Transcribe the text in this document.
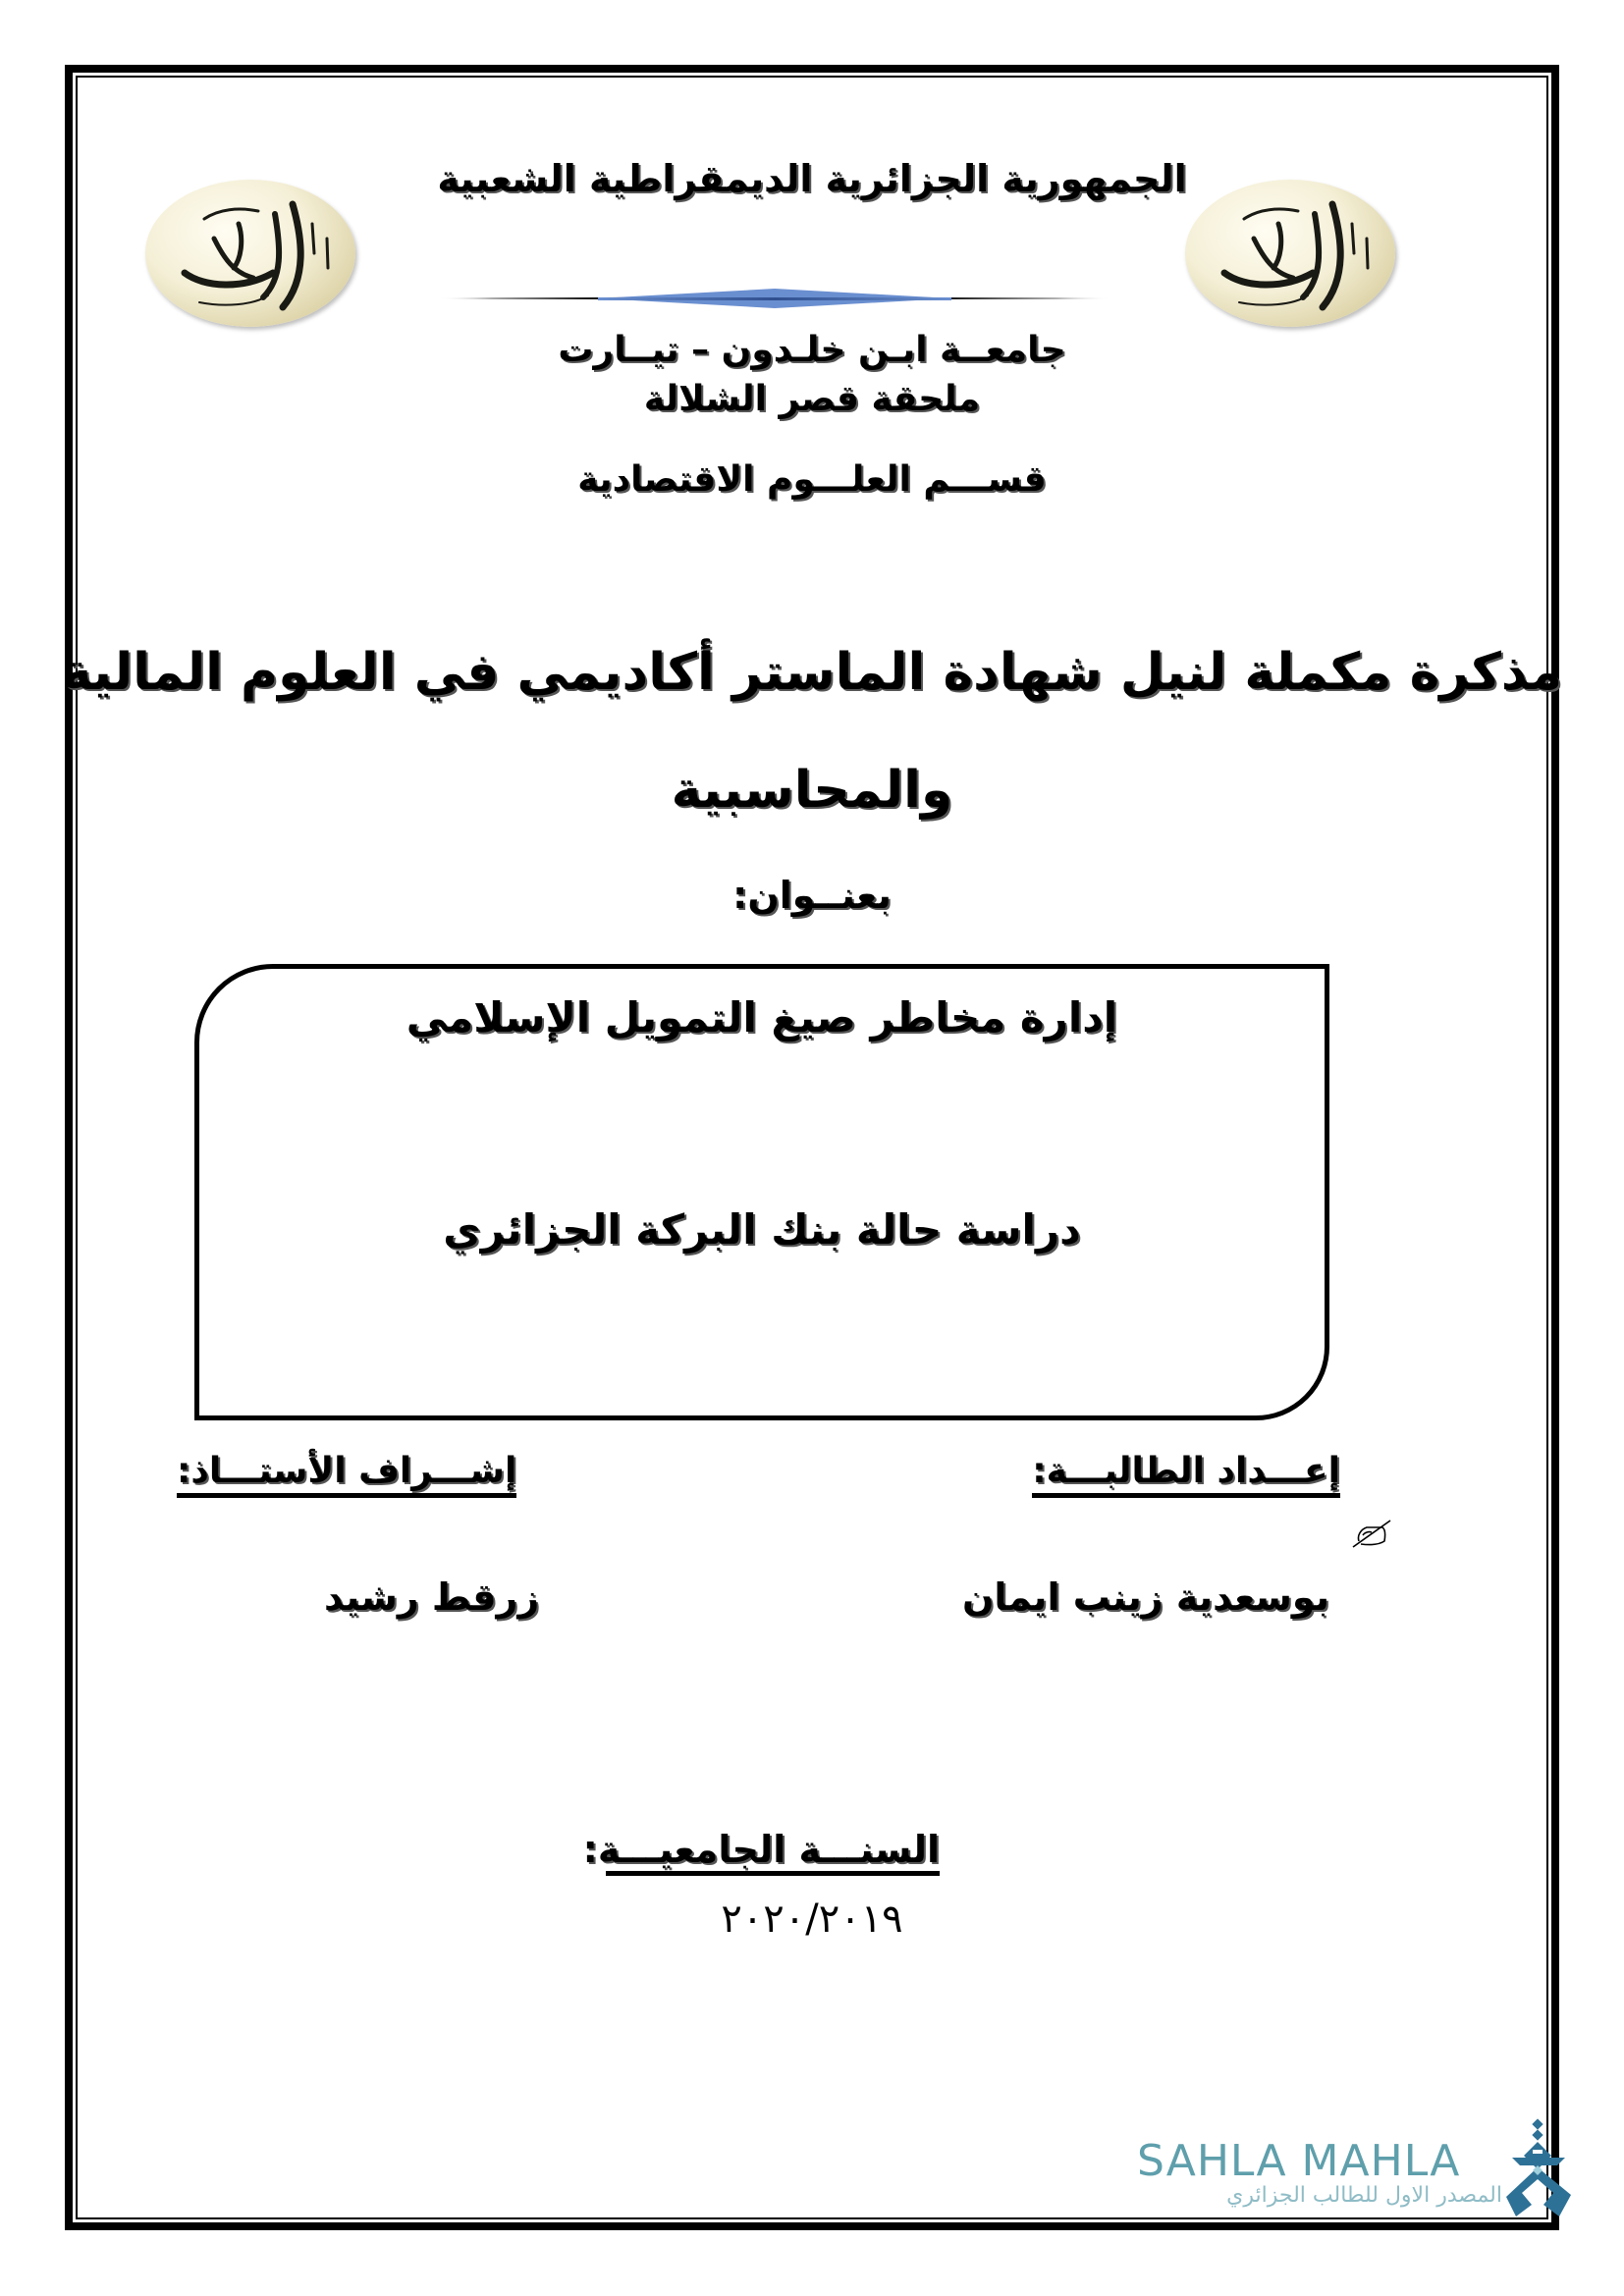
الجمهورية الجزائرية الديمقراطية الشعبية
جامعــة ابـن خلـدون – تيــارت
ملحقة قصر الشلالة
قســـم العلـــوم الاقتصادية
مذكرة مكملة لنيل شهادة الماستر أكاديمي في العلوم المالية
والمحاسبية
بعنــوان:
إدارة مخاطر صيغ التمويل الإسلامي
دراسة حالة بنك البركة الجزائري
إعـــداد الطالبـــة:
إشـــراف الأستـــاذ:
بوسعدية زينب ايمان
زرقط رشيد
السنـــة الجامعيـــة:
٢٠٢٠/٢٠١٩
SAHLA MAHLA
المصدر الاول للطالب الجزائري
